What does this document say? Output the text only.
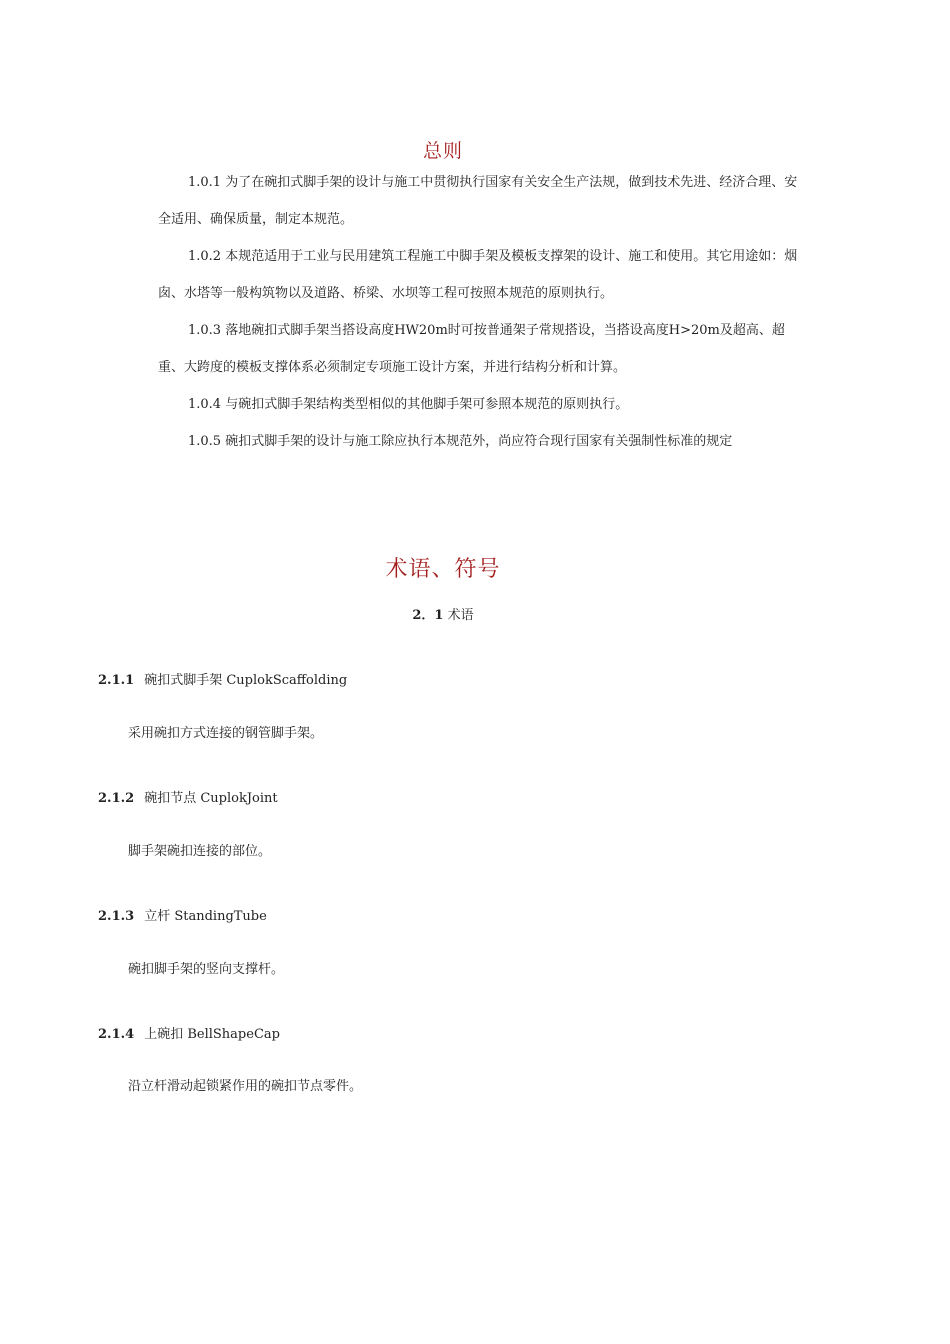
总则
1.0.1 为了在碗扣式脚手架的设计与施工中贯彻执行国家有关安全生产法规，做到技术先进、经济合理、安全适用、确保质量，制定本规范。
1.0.2 本规范适用于工业与民用建筑工程施工中脚手架及模板支撑架的设计、施工和使用。其它用途如：烟囱、水塔等一般构筑物以及道路、桥梁、水坝等工程可按照本规范的原则执行。
1.0.3 落地碗扣式脚手架当搭设高度HW20m时可按普通架子常规搭设，当搭设高度H>20m及超高、超重、大跨度的模板支撑体系必须制定专项施工设计方案，并进行结构分析和计算。
1.0.4 与碗扣式脚手架结构类型相似的其他脚手架可参照本规范的原则执行。
1.0.5 碗扣式脚手架的设计与施工除应执行本规范外，尚应符合现行国家有关强制性标准的规定
术语、符号
2．1 术语
2.1.1 碗扣式脚手架 CuplokScaffolding
采用碗扣方式连接的钢管脚手架。
2.1.2 碗扣节点 CuplokJoint
脚手架碗扣连接的部位。
2.1.3 立杆 StandingTube
碗扣脚手架的竖向支撑杆。
2.1.4 上碗扣 BellShapeCap
沿立杆滑动起锁紧作用的碗扣节点零件。
